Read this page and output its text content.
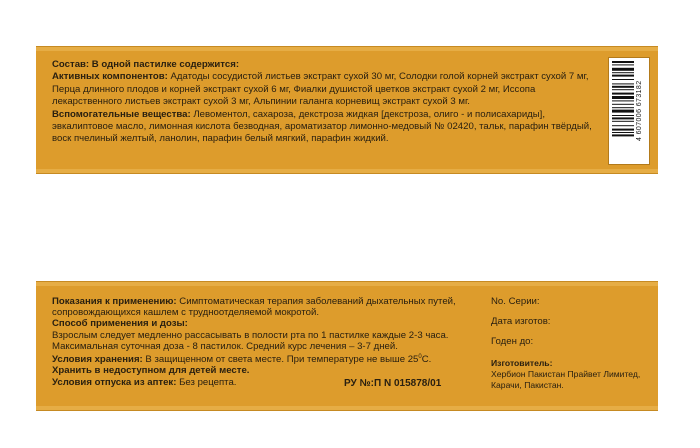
Состав: В одной пастилке содержится:

Активных компонентов: Адатоды сосудистой листьев экстракт сухой 30 мг, Солодки голой корней экстракт сухой 7 мг, Перца длинного плодов и корней экстракт сухой 6 мг, Фиалки душистой цветков экстракт сухой 2 мг, Иссопа лекарственного листьев экстракт сухой 3 мг, Альпинии галанга корневищ экстракт сухой 3 мг.

Вспомогательные вещества: Левоментол, сахароза, декстроза жидкая [декстроза, олиго - и полисахариды], эвкалиптовое масло, лимонная кислота безводная, ароматизатор лимонно-медовый № 02420, тальк, парафин твёрдый, воск пчелиный желтый, ланолин, парафин белый мягкий, парафин жидкий.	4 607006 673182

Показания к применению: Симптоматическая терапия заболеваний дыхательных путей, сопровождающихся кашлем с трудноотделяемой мокротой.

Способ применения и дозы:

Взрослым следует медленно рассасывать в полости рта по 1 пастилке каждые 2-3 часа.

Максимальная суточная доза - 8 пастилок. Средний курс лечения – 3-7 дней.

Условия хранения: В защищенном от света месте. При температуре не выше $25^0C$.

Хранить в недоступном для детей месте.

Условия отпуска из аптек: Без рецепта.	РУ №:П N 015878/01

No. Серии:

Дата изготов:

Годен до:

Изготовитель:
Хербион Пакистан Прайвет Лимитед, Карачи, Пакистан.
